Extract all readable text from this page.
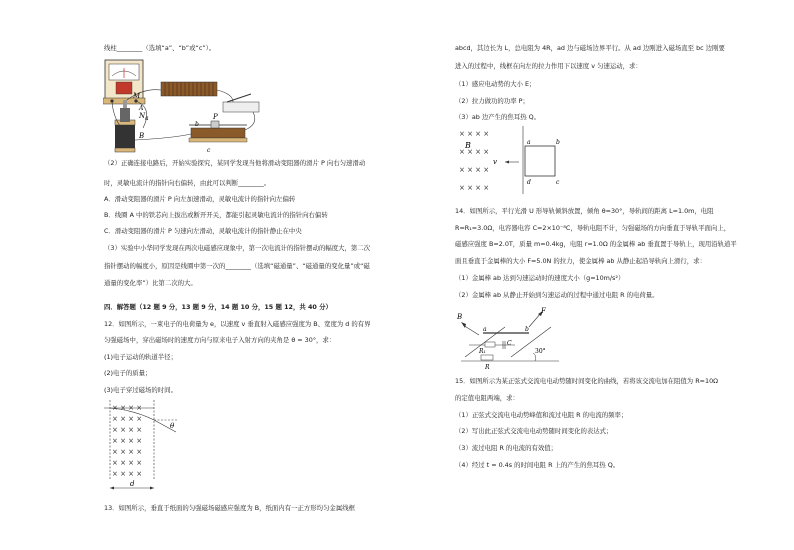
线柱________（选填“a”、“b”或“c”）。
N
M
a
A
B
b
P
c
（2）正确连接电路后，开始实验探究，某同学发现当他将滑动变阻器的滑片 P 向右匀速滑动
时，灵敏电流计的指针向右偏转，由此可以判断________。
A．滑动变阻器的滑片 P 向左加速滑动，灵敏电流计的指针向左偏转
B．线圈 A 中的铁芯向上拔出或断开开关，都能引起灵敏电流计的指针向右偏转
C．滑动变阻器的滑片 P 匀速向左滑动，灵敏电流计的指针静止在中央
（3）实验中小华同学发现在两次电磁感应现象中，第一次电流计的指针摆动的幅度大，第二次
指针摆动的幅度小，原因是线圈中第一次的________（选填“磁通量”、“磁通量的变化量”或“磁
通量的变化率”）比第二次的大。
四．解答题（12 题 9 分，13 题 9 分，14 题 10 分，15 题 12，共 40 分）
12．如图所示，一束电子的电荷量为 e，以速度 v 垂直射入磁感应强度为 B、宽度为 d 的有界
匀强磁场中，穿出磁场时的速度方向与原来电子入射方向的夹角是 θ = 30°，求：
(1)电子运动的轨道半径；
(2)电子的质量；
(3)电子穿过磁场的时间。
× × × ×
× × × ×
× × × ×
× × × ×
× × × ×
× × × ×
× × × ×
θ
d
13．如图所示，垂直于纸面的匀强磁场磁感应强度为 B，纸面内有一正方形均匀金属线框
abcd，其边长为 L，总电阻为 4R，ad 边与磁场边界平行。从 ad 边刚进入磁场直至 bc 边刚要
进入的过程中，线框在向左的拉力作用下以速度 v 匀速运动，求：
（1）感应电动势的大小 E；
（2）拉力做功的功率 P；
（3）ab 边产生的焦耳热 Q。
× × × ×
× × × ×
× × × ×
× × × ×
B	a	b
d	c
v
14．如图所示，平行光滑 U 形导轨倾斜放置，倾角 θ=30°，导轨间的距离 L=1.0m，电阻
R=R₁=3.0Ω，电容器电容 C=2×10⁻⁸C，导轨电阻不计，匀强磁场的方向垂直于导轨平面向上，
磁感应强度 B=2.0T，质量 m=0.4kg，电阻 r=1.0Ω 的金属棒 ab 垂直置于导轨上，现用沿轨道平
面且垂直于金属棒的大小 F=5.0N 的拉力，使金属棒 ab 从静止起沿导轨向上滑行，求：
（1）金属棒 ab 达到匀速运动时的速度大小（g=10m/s²）
（2）金属棒 ab 从静止开始到匀速运动的过程中通过电阻 R 的电荷量。
B
F
a	b
R₁
C
R
30°
15．如图所示为某正弦式交流电电动势随时间变化的曲线，若将该交流电加在阻值为 R=10Ω
的定值电阻两端，求：
（1）正弦式交流电电动势峰值和流过电阻 R 的电流的频率；
（2）写出此正弦式交流电电动势随时间变化的表达式；
（3）流过电阻 R 的电流的有效值；
（4）经过 t = 0.4s 的时间电阻 R 上的产生的焦耳热 Q。
